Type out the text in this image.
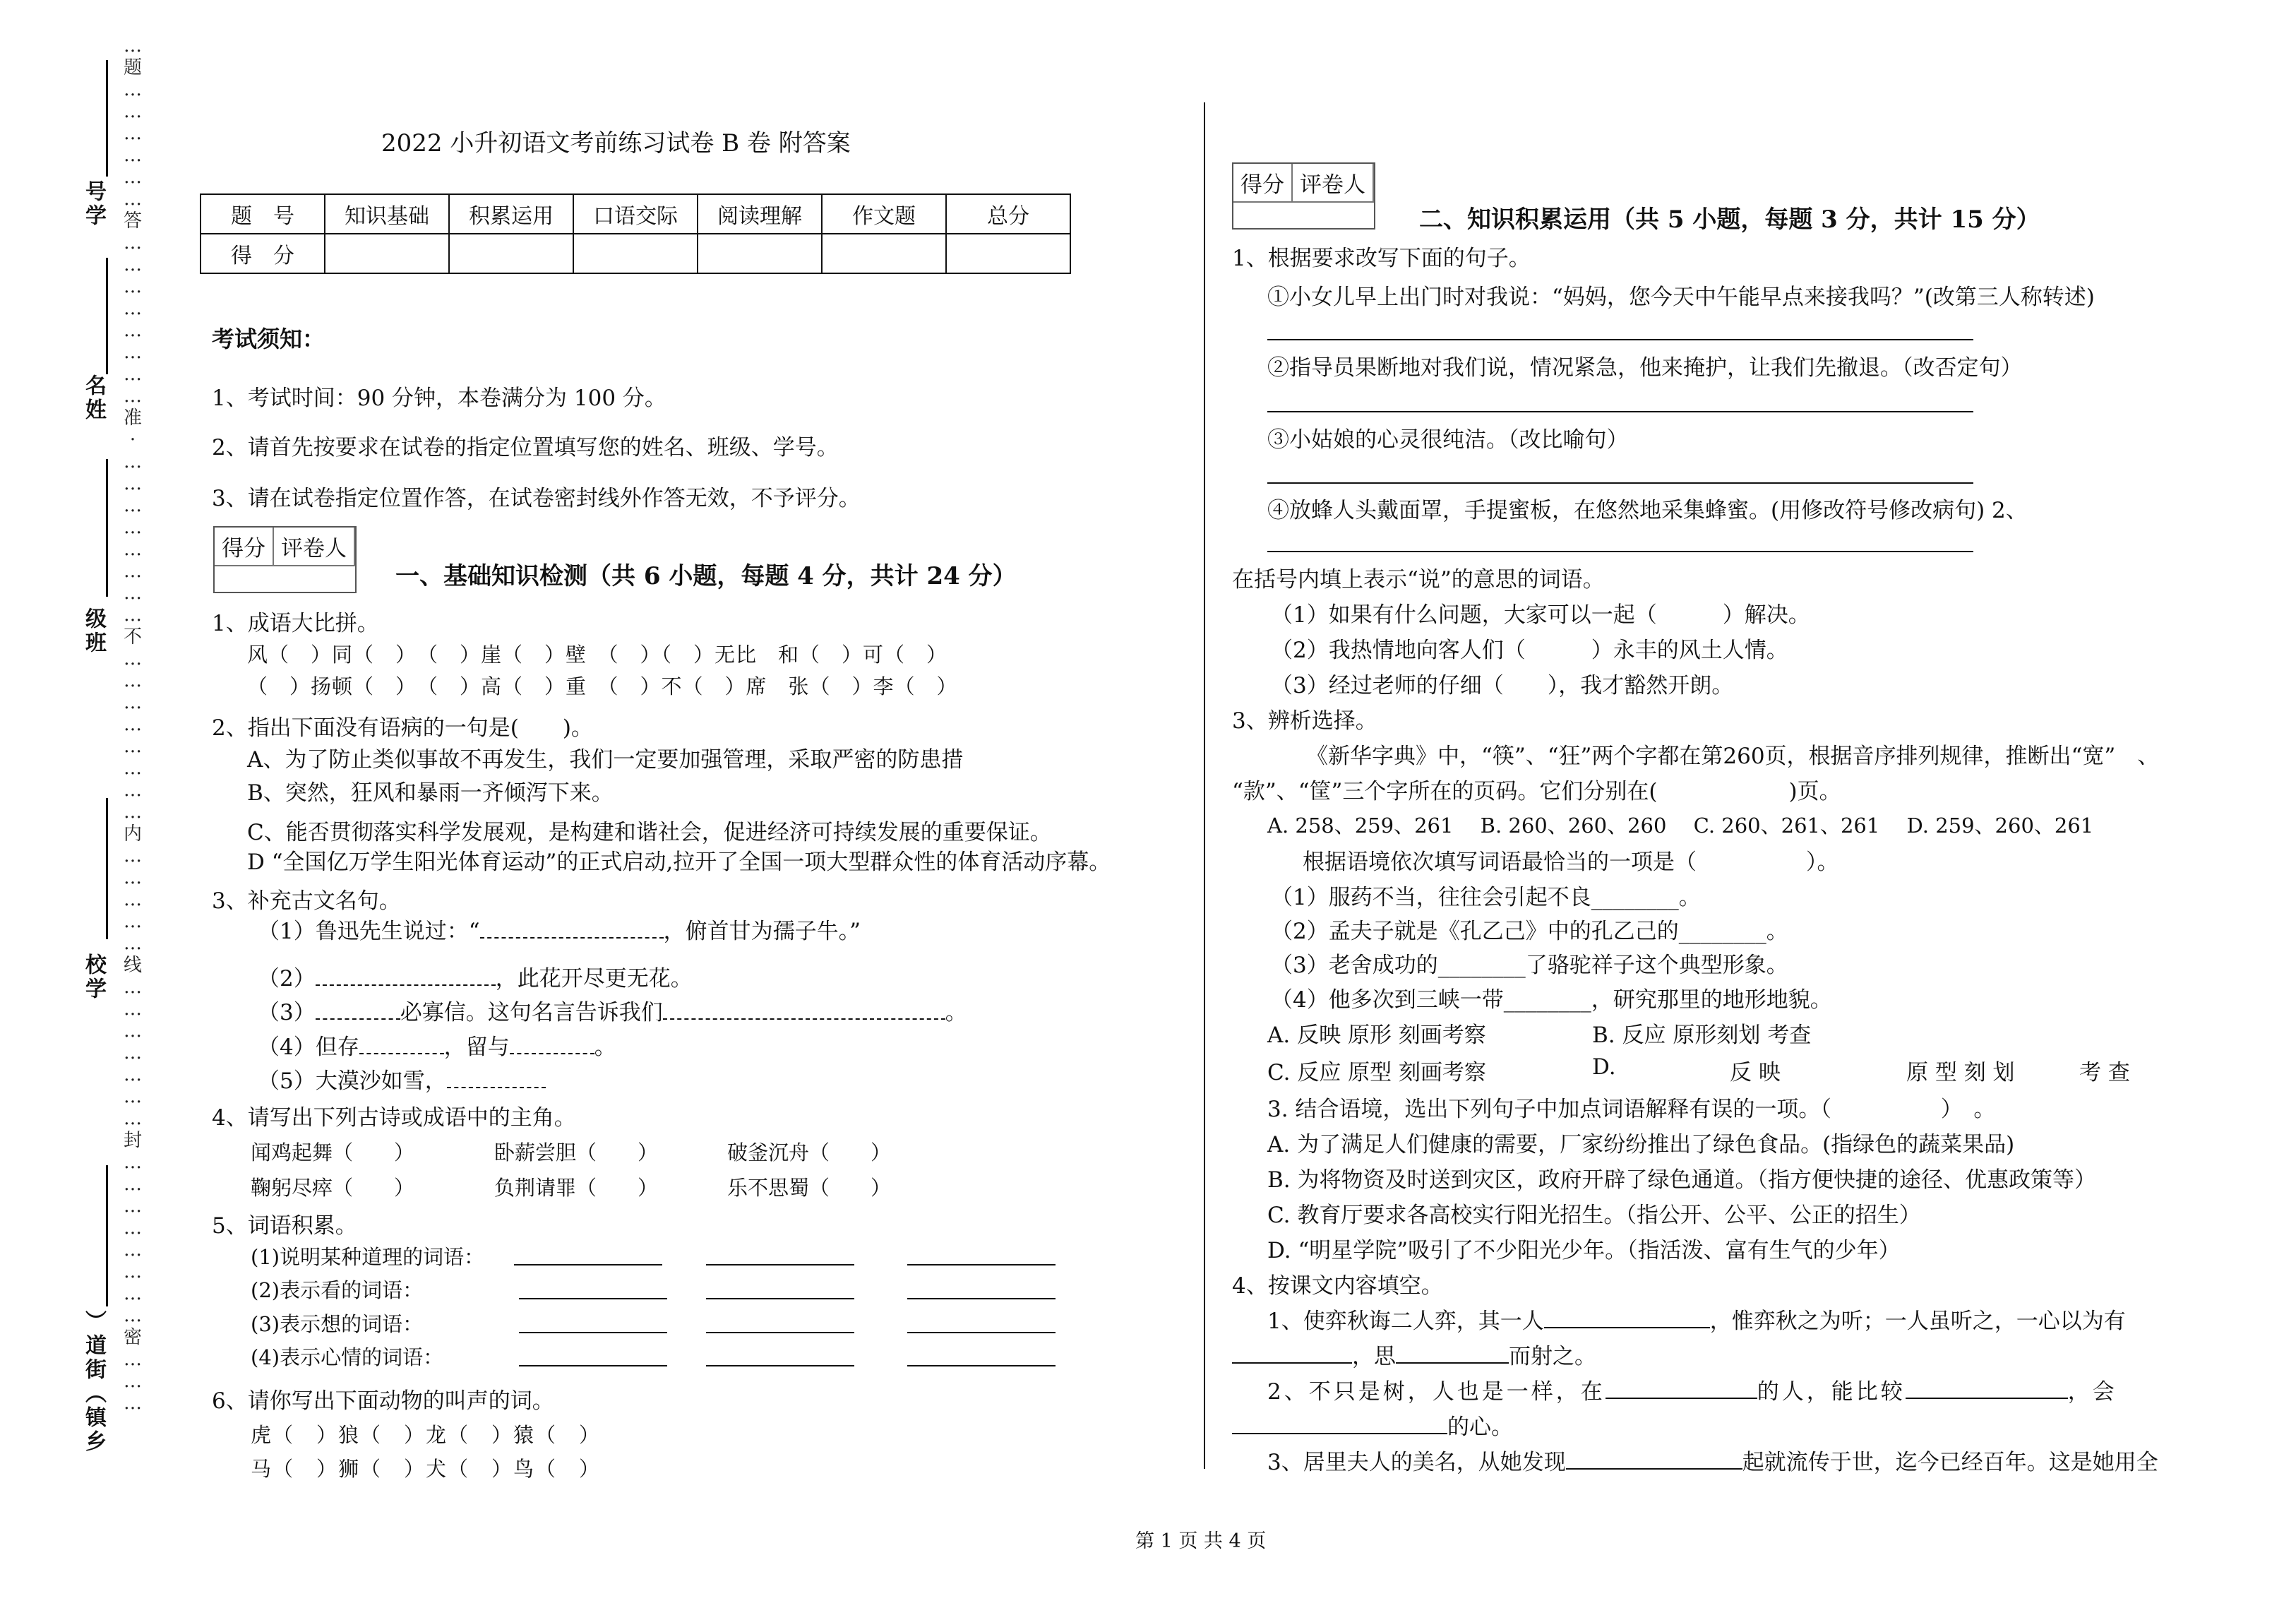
号学
名姓
级班
校学
）道街（镇乡
…
题
…
…
…
…
…
…
答
…
…
…
…
…
…
…
…
准
·
…
…
…
…
…
…
…
…
不
…
…
…
…
…
…
…
…
内
…
…
…
…
…
线
…
…
…
…
…
…
…
封
…
…
…
…
…
…
…
…
密
…
…
…
2022 小升初语文考前练习试卷 B 卷 附答案
题　号	知识基础	积累运用	口语交际	阅读理解	作文题	总分
得　分						
考试须知：
1、考试时间：90 分钟，本卷满分为 100 分。
2、请首先按要求在试卷的指定位置填写您的姓名、班级、学号。
3、请在试卷指定位置作答，在试卷密封线外作答无效，不予评分。
得分 评卷人
一、基础知识检测（共 6 小题，每题 4 分，共计 24 分）
1、成语大比拼。
风（　）同（　）　（　）崖（　）壁　（　）（　）无比　和（　）可（　）
（　）扬顿（　）　（　）高（　）重　（　）不（　）席　张（　）李（　）
2、指出下面没有语病的一句是(　　)。
A、为了防止类似事故不再发生，我们一定要加强管理，采取严密的防患措
B、突然，狂风和暴雨一齐倾泻下来。
C、能否贯彻落实科学发展观，是构建和谐社会，促进经济可持续发展的重要保证。
D “全国亿万学生阳光体育运动”的正式启动,拉开了全国一项大型群众性的体育活动序幕。
3、补充古文名句。
（1）鲁迅先生说过：“	，俯首甘为孺子牛。”
（2）	，此花开尽更无花。
（3）	必寡信。这句名言告诉我们	。
（4）但存	，留与	。
（5）大漠沙如雪，
4、请写出下列古诗或成语中的主角。
闻鸡起舞（　　）	卧薪尝胆（　　）	破釜沉舟（　　）
鞠躬尽瘁（　　）	负荆请罪（　　）	乐不思蜀（　　）
5、词语积累。
(1)说明某种道理的词语：
(2)表示看的词语：
(3)表示想的词语：
(4)表示心情的词语：
6、请你写出下面动物的叫声的词。
虎（　）狼（　）龙（　）猿（　）
马（　）狮（　）犬（　）鸟（　）
得分 评卷人
二、知识积累运用（共 5 小题，每题 3 分，共计 15 分）
1、根据要求改写下面的句子。
①小女儿早上出门时对我说：“妈妈，您今天中午能早点来接我吗？”(改第三人称转述)
②指导员果断地对我们说，情况紧急，他来掩护，让我们先撤退。（改否定句）
③小姑娘的心灵很纯洁。（改比喻句）
④放蜂人头戴面罩，手提蜜板，在悠然地采集蜂蜜。(用修改符号修改病句) 2、
在括号内填上表示“说”的意思的词语。
（1）如果有什么问题，大家可以一起（　　　）解决。
（2）我热情地向客人们（　　　）永丰的风土人情。
（3）经过老师的仔细（　　），我才豁然开朗。
3、辨析选择。
《新华字典》中，“筷”、“狂”两个字都在第260页，根据音序排列规律，推断出“宽”　、
“款”、“筐”三个字所在的页码。它们分别在(　　　　　　)页。
A. 258、259、261　 B. 260、260、260　 C. 260、261、261　 D. 259、260、261
根据语境依次填写词语最恰当的一项是（　　　　　）。
（1）服药不当，往往会引起不良________。
（2）孟夫子就是《孔乙己》中的孔乙己的________。
（3）老舍成功的________了骆驼祥子这个典型形象。
（4）他多次到三峡一带________，研究那里的地形地貌。
A. 反映 原形 刻画考察	B. 反应 原形刻划 考查
C. 反应 原型 刻画考察	D.	反 映	原 型 刻 划	考 查
3. 结合语境，选出下列句子中加点词语解释有误的一项。（　　　　　）　。
A. 为了满足人们健康的需要，厂家纷纷推出了绿色食品。(指绿色的蔬菜果品)
B. 为将物资及时送到灾区，政府开辟了绿色通道。（指方便快捷的途径、优惠政策等）
C. 教育厅要求各高校实行阳光招生。（指公开、公平、公正的招生）
D. “明星学院”吸引了不少阳光少年。（指活泼、富有生气的少年）
4、按课文内容填空。
1、使弈秋诲二人弈，其一人	，惟弈秋之为听；一人虽听之，一心以为有
，思	而射之。
2、不只是树，人也是一样，在	的人，能比较	，会
的心。
3、居里夫人的美名，从她发现	起就流传于世，迄今已经百年。这是她用全
第 1 页 共 4 页
